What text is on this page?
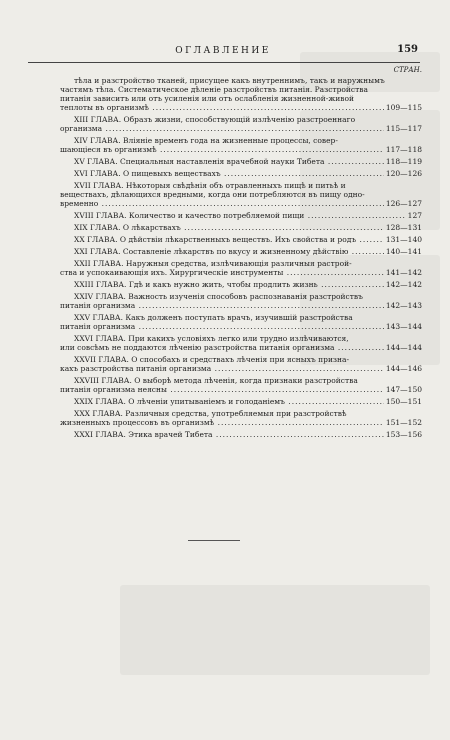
ОГЛАВЛЕНИЕ	159
СТРАН.
тѣла и разстройство тканей, присущее какъ внутреннимъ, такъ и наружнымъ
частямъ тѣла. Систематическое дѣленіе разстройствъ питанія. Разстройства
питанія зависитъ или отъ усиленія или отъ ослабленія жизненной-живой
теплоты въ организмѣ .....	109—115
XIII ГЛАВА. Образъ жизни, способствующій излѣченію разстроеннаго
организма .....	115—117
XIV ГЛАВА. Вліяніе временъ года на жизненные процессы, совер-
шающіеся въ организмѣ .....	117—118
XV ГЛАВА. Специальныя наставленія врачебной науки Тибета .....	118—119
XVI ГЛАВА. О пищевыхъ веществахъ .....	120—126
XVII ГЛАВА. Нѣкоторыя свѣдѣнія объ отравленныхъ пищѣ и питьѣ и
веществахъ, дѣлающихся вредными, когда они потребляются въ пищу одно-
временно .....	126—127
XVIII ГЛАВА. Количество и качество потребляемой пищи .....	127
XIX ГЛАВА. О лѣкарствахъ .....	128—131
XX ГЛАВА. О дѣйствіи лѣкарственныхъ веществъ. Ихъ свойства и родъ .....	131—140
XXI ГЛАВА. Составленіе лѣкарствъ по вкусу и жизненному дѣйствію .....	140—141
XXII ГЛАВА. Наружныя средства, излѣчивающія различныя растрой-
ства и успокаивающія ихъ. Хирургическіе инструменты .....	141—142
XXIII ГЛАВА. Гдѣ и какъ нужно жить, чтобы продлить жизнь .....	142—142
XXIV ГЛАВА. Важность изученія способовъ распознаванія разстройствъ
питанія организма .....	142—143
XXV ГЛАВА. Какъ долженъ поступать врачъ, изучившій разстройства
питанія организма .....	143—144
XXVI ГЛАВА. При какихъ условіяхъ легко или трудно излѣчиваются,
или совсѣмъ не поддаются лѣченію разстройства питанія организма .....	144—144
XXVII ГЛАВА. О способахъ и средствахъ лѣченія при ясныхъ призна-
кахъ разстройства питанія организма .....	144—146
XXVIII ГЛАВА. О выборѣ метода лѣченія, когда признаки разстройства
питанія организма неясны .....	147—150
XXIX ГЛАВА. О лѣченіи упитываніемъ и голоданіемъ .....	150—151
XXX ГЛАВА. Различныя средства, употребляемыя при разстройствѣ
жизненныхъ процессовъ въ организмѣ .....	151—152
XXXI ГЛАВА. Этика врачей Тибета .....	153—156
